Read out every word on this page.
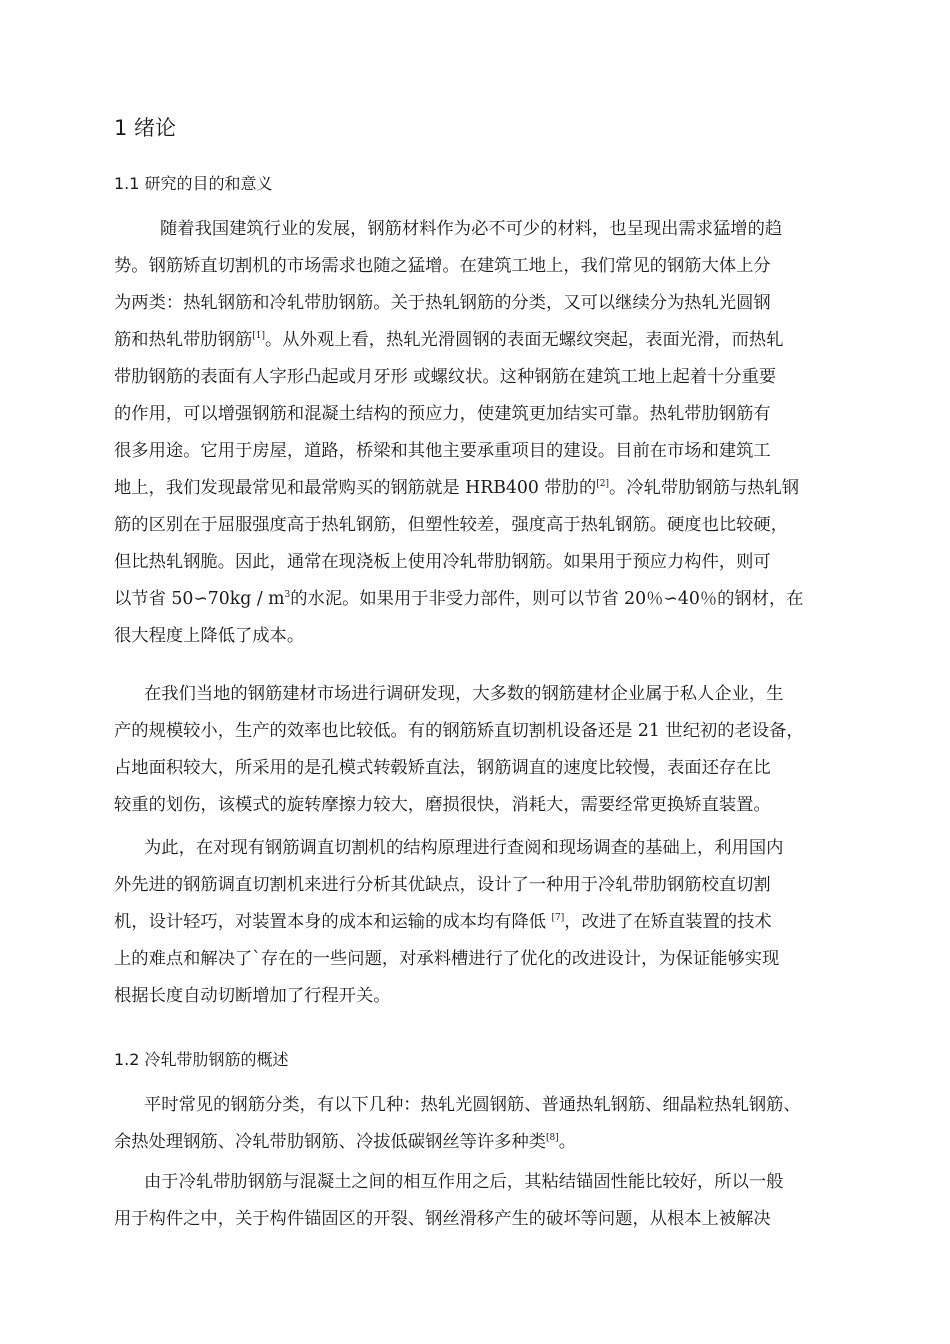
1 绪论
1.1 研究的目的和意义
随着我国建筑行业的发展，钢筋材料作为必不可少的材料，也呈现出需求猛增的趋
势。钢筋矫直切割机的市场需求也随之猛增。在建筑工地上，我们常见的钢筋大体上分
为两类：热轧钢筋和冷轧带肋钢筋。关于热轧钢筋的分类，又可以继续分为热轧光圆钢
筋和热轧带肋钢筋[1]。从外观上看，热轧光滑圆钢的表面无螺纹突起，表面光滑，而热轧
带肋钢筋的表面有人字形凸起或月牙形 或螺纹状。这种钢筋在建筑工地上起着十分重要
的作用，可以增强钢筋和混凝土结构的预应力，使建筑更加结实可靠。热轧带肋钢筋有
很多用途。它用于房屋，道路，桥梁和其他主要承重项目的建设。目前在市场和建筑工
地上，我们发现最常见和最常购买的钢筋就是 HRB400 带肋的[2]。冷轧带肋钢筋与热轧钢
筋的区别在于屈服强度高于热轧钢筋，但塑性较差，强度高于热轧钢筋。硬度也比较硬，
但比热轧钢脆。因此，通常在现浇板上使用冷轧带肋钢筋。如果用于预应力构件，则可
以节省 50∽70kg / $m^3$的水泥。如果用于非受力部件，则可以节省 20％∽40％的钢材，在
很大程度上降低了成本。
在我们当地的钢筋建材市场进行调研发现，大多数的钢筋建材企业属于私人企业，生
产的规模较小，生产的效率也比较低。有的钢筋矫直切割机设备还是 21 世纪初的老设备，
占地面积较大，所采用的是孔模式转毂矫直法，钢筋调直的速度比较慢，表面还存在比
较重的划伤，该模式的旋转摩擦力较大，磨损很快，消耗大，需要经常更换矫直装置。
为此，在对现有钢筋调直切割机的结构原理进行查阅和现场调查的基础上，利用国内
外先进的钢筋调直切割机来进行分析其优缺点，设计了一种用于冷轧带肋钢筋校直切割
机，设计轻巧，对装置本身的成本和运输的成本均有降低 [7]，改进了在矫直装置的技术
上的难点和解决了`存在的一些问题，对承料槽进行了优化的改进设计，为保证能够实现
根据长度自动切断增加了行程开关。
1.2 冷轧带肋钢筋的概述
平时常见的钢筋分类，有以下几种：热轧光圆钢筋、普通热轧钢筋、细晶粒热轧钢筋、
余热处理钢筋、冷轧带肋钢筋、冷拔低碳钢丝等许多种类[8]。
由于冷轧带肋钢筋与混凝土之间的相互作用之后，其粘结锚固性能比较好，所以一般
用于构件之中，关于构件锚固区的开裂、钢丝滑移产生的破坏等问题，从根本上被解决
